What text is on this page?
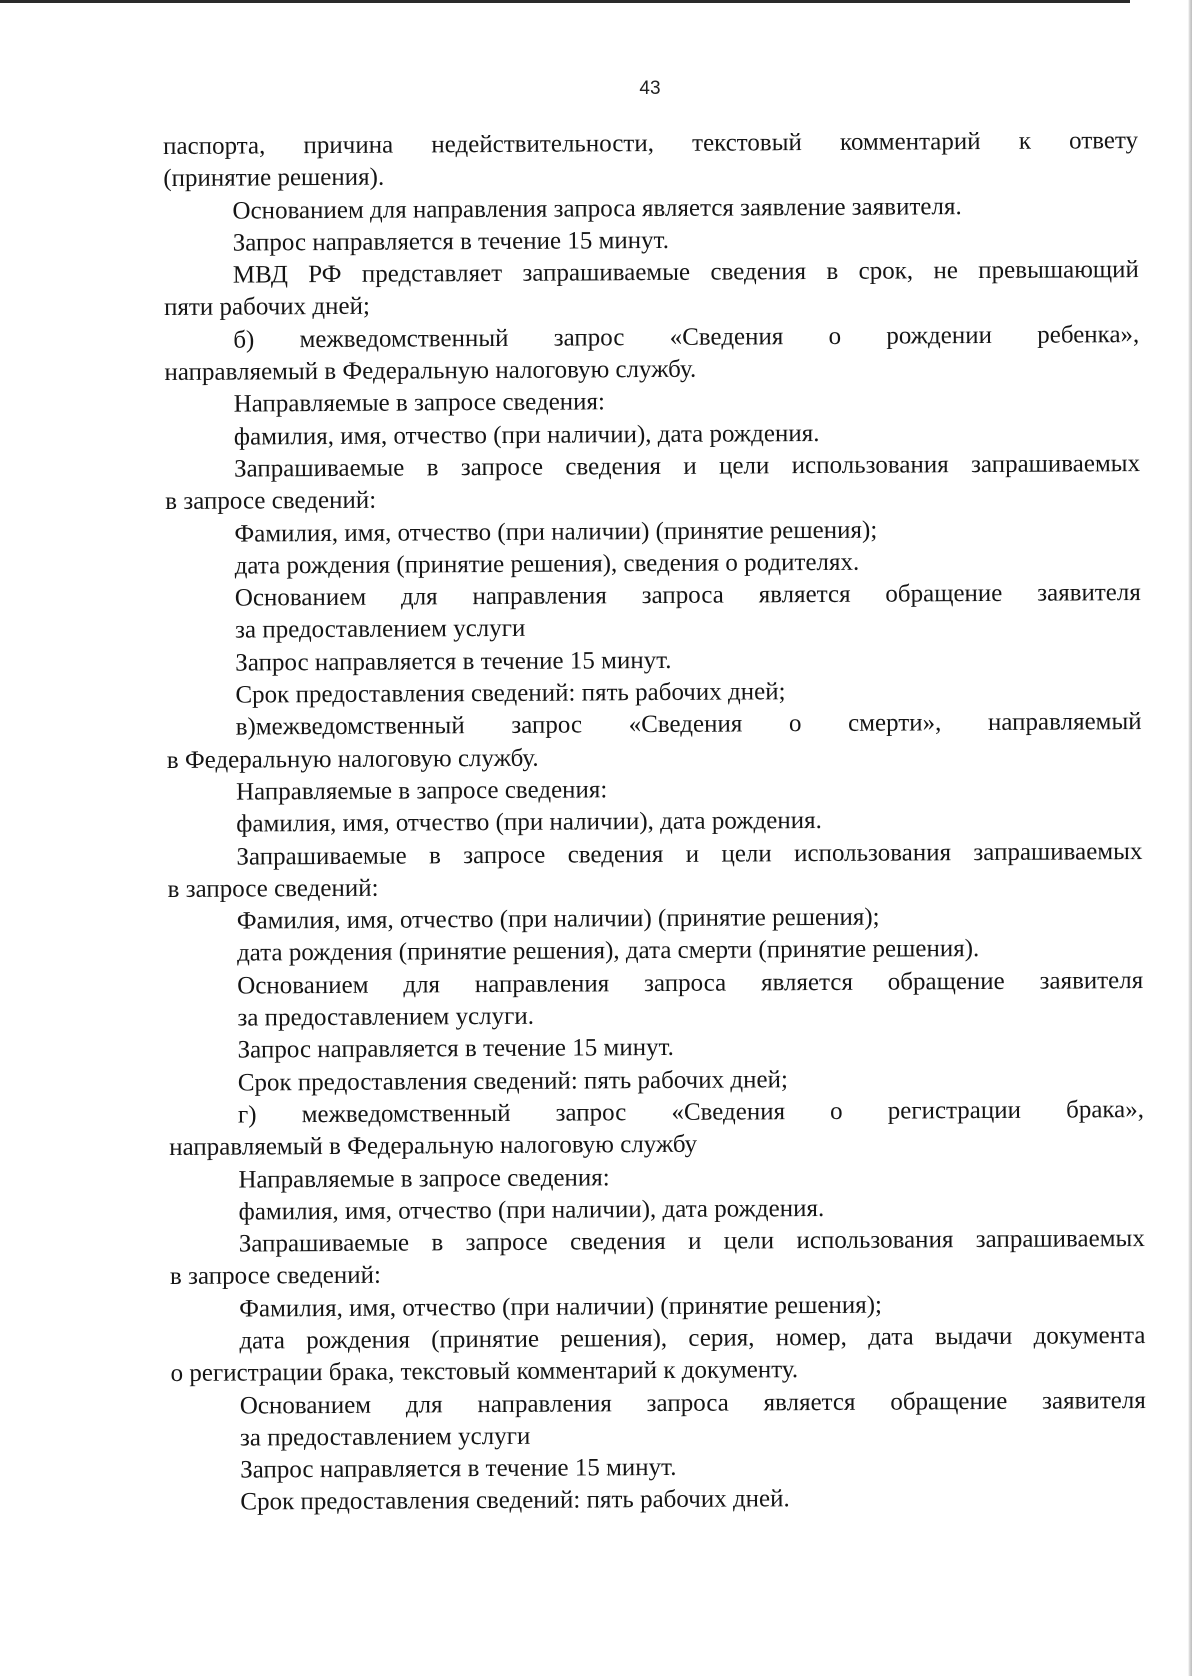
43
паспорта, причина недействительности, текстовый комментарий к ответу
(принятие решения).
Основанием для направления запроса является заявление заявителя.
Запрос направляется в течение 15 минут.
МВД РФ представляет запрашиваемые сведения в срок, не превышающий
пяти рабочих дней;
б) межведомственный запрос «Сведения о рождении ребенка»,
направляемый в Федеральную налоговую службу.
Направляемые в запросе сведения:
фамилия, имя, отчество (при наличии), дата рождения.
Запрашиваемые в запросе сведения и цели использования запрашиваемых
в запросе сведений:
Фамилия, имя, отчество (при наличии) (принятие решения);
дата рождения (принятие решения), сведения о родителях.
Основанием для направления запроса является обращение заявителя
за предоставлением услуги
Запрос направляется в течение 15 минут.
Срок предоставления сведений: пять рабочих дней;
в)межведомственный запрос «Сведения о смерти», направляемый
в Федеральную налоговую службу.
Направляемые в запросе сведения:
фамилия, имя, отчество (при наличии), дата рождения.
Запрашиваемые в запросе сведения и цели использования запрашиваемых
в запросе сведений:
Фамилия, имя, отчество (при наличии) (принятие решения);
дата рождения (принятие решения), дата смерти (принятие решения).
Основанием для направления запроса является обращение заявителя
за предоставлением услуги.
Запрос направляется в течение 15 минут.
Срок предоставления сведений: пять рабочих дней;
г) межведомственный запрос «Сведения о регистрации брака»,
направляемый в Федеральную налоговую службу
Направляемые в запросе сведения:
фамилия, имя, отчество (при наличии), дата рождения.
Запрашиваемые в запросе сведения и цели использования запрашиваемых
в запросе сведений:
Фамилия, имя, отчество (при наличии) (принятие решения);
дата рождения (принятие решения), серия, номер, дата выдачи документа
о регистрации брака, текстовый комментарий к документу.
Основанием для направления запроса является обращение заявителя
за предоставлением услуги
Запрос направляется в течение 15 минут.
Срок предоставления сведений: пять рабочих дней.
